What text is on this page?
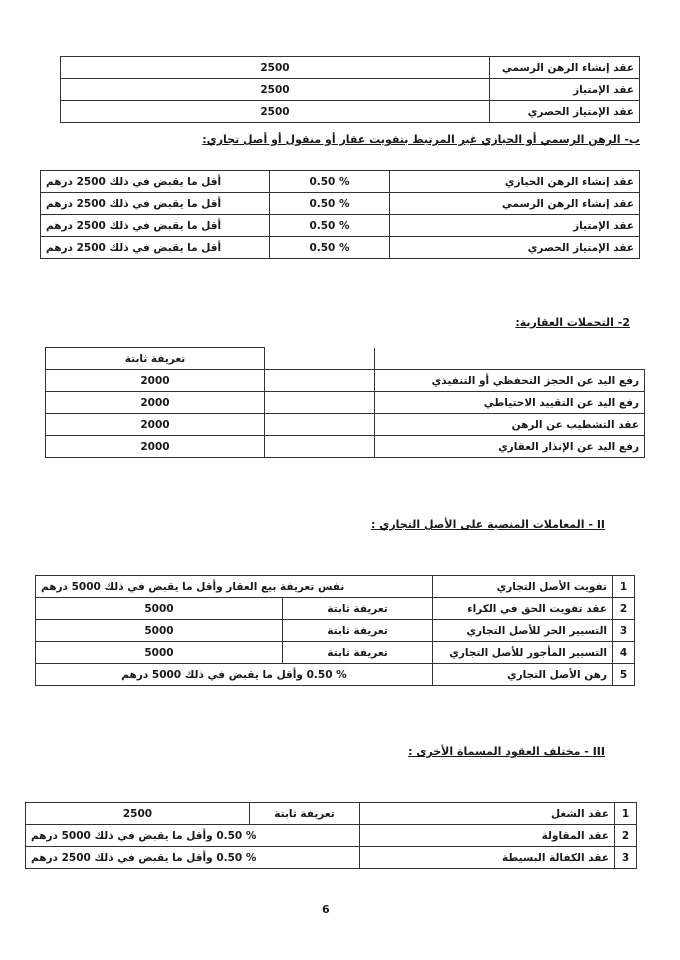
عقد إنشاء الرهن الرسمي	2500
عقد الإمتياز	2500
عقد الإمتياز الحصري	2500
ب- الرهن الرسمي أو الحيازي غير المرتبط بتفويت عقار أو منقول أو أصل تجاري:
عقد إنشاء الرهن الحيازي	% 0.50	أقل ما يقبض في ذلك 2500 درهم
عقد إنشاء الرهن الرسمي	% 0.50	أقل ما يقبض في ذلك 2500 درهم
عقد الإمتياز	% 0.50	أقل ما يقبض في ذلك 2500 درهم
عقد الإمتياز الحصري	% 0.50	أقل ما يقبض في ذلك 2500 درهم
2- التحملات العقارية:
		تعريفة ثابتة
رفع اليد عن الحجز التحفظي أو التنفيذي		2000
رفع اليد عن التقييد الاحتياطي		2000
عقد التشطيب عن الرهن		2000
رفع اليد عن الإنذار العقاري		2000
II - المعاملات المنصبة على الأصل التجاري :
1	تفويت الأصل التجاري	نفس تعريفة بيع العقار وأقل ما يقبض في ذلك 5000 درهم	
2	عقد تفويت الحق في الكراء	تعريفة ثابتة	5000
3	التسيير الحر للأصل التجاري	تعريفة ثابتة	5000
4	التسيير المأجور للأصل التجاري	تعريفة ثابتة	5000
5	رهن الأصل التجاري	% 0.50 وأقل ما يقبض في ذلك 5000 درهم	
III - مختلف العقود المسماة الأخرى :
1	عقد الشغل	تعريفة ثابتة	2500
2	عقد المقاولة	% 0.50 وأقل ما يقبض في ذلك 5000 درهم	
3	عقد الكفالة البسيطة	% 0.50 وأقل ما يقبض في ذلك 2500 درهم	
6
